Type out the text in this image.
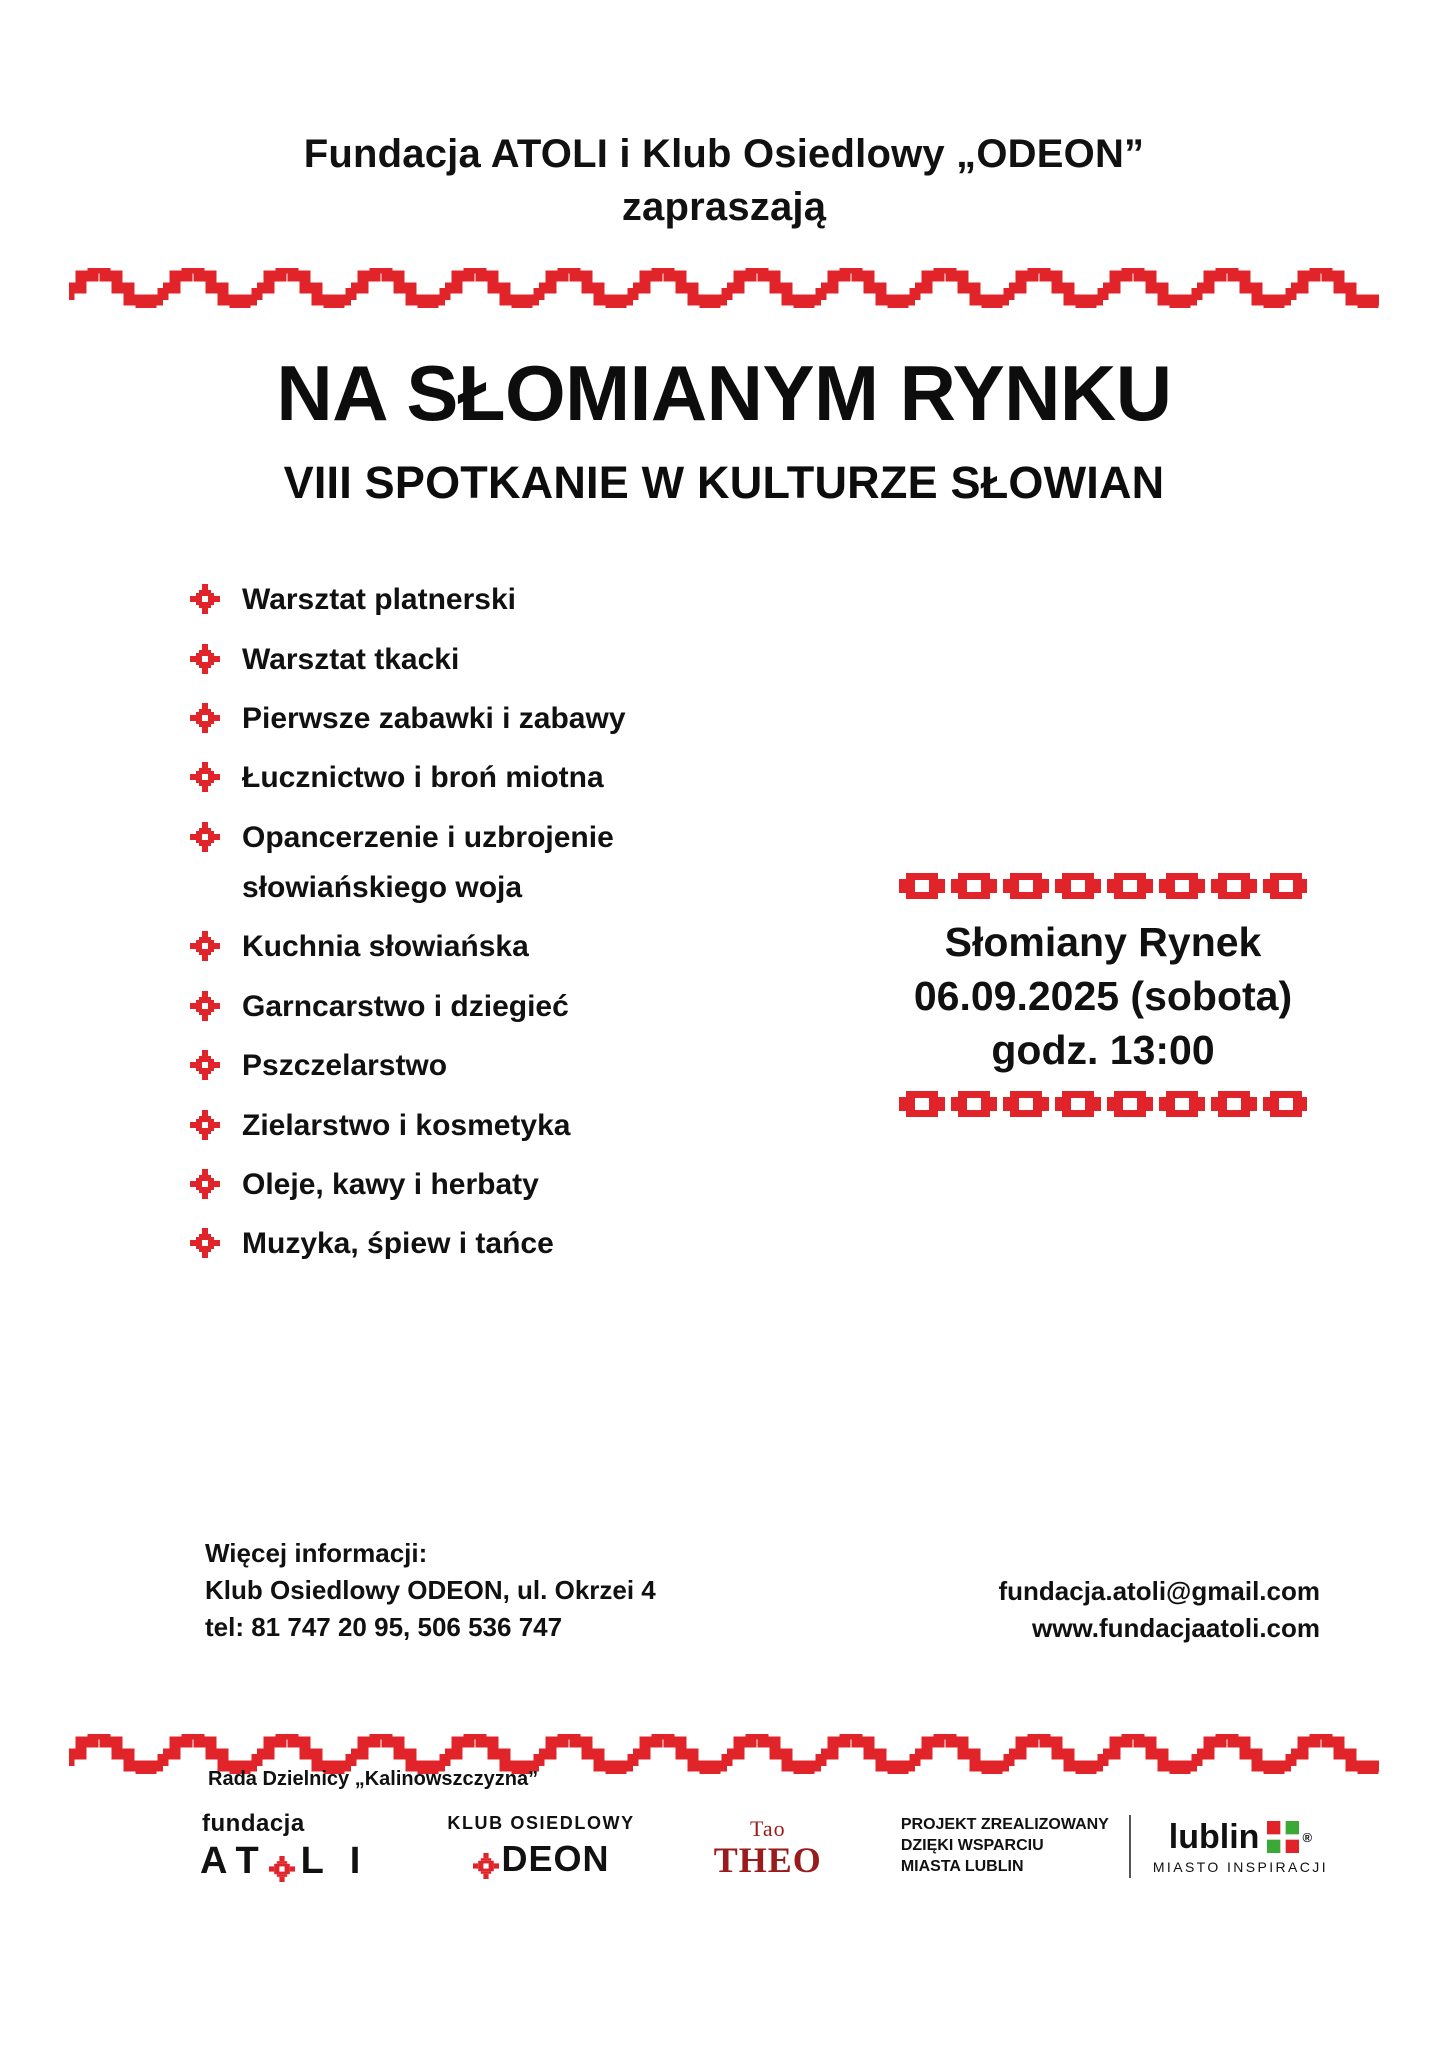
Fundacja ATOLI i Klub Osiedlowy „ODEON”
zapraszają
NA SŁOMIANYM RYNKU
VIII SPOTKANIE W KULTURZE SŁOWIAN
Warsztat platnerski
Warsztat tkacki
Pierwsze zabawki i zabawy
Łucznictwo i broń miotna
Opancerzenie i uzbrojenie
słowiańskiego woja
Kuchnia słowiańska
Garncarstwo i dziegieć
Pszczelarstwo
Zielarstwo i kosmetyka
Oleje, kawy i herbaty
Muzyka, śpiew i tańce
Słomiany Rynek
06.09.2025 (sobota)
godz. 13:00
Więcej informacji:
Klub Osiedlowy ODEON, ul. Okrzei 4
tel: 81 747 20 95, 506 536 747
fundacja.atoli@gmail.com
www.fundacjaatoli.com
Rada Dzielnicy „Kalinowszczyzna”
fundacja
A T L I
KLUB OSIEDLOWY
DEON
Tao
THEO
PROJEKT ZREALIZOWANY
DZIĘKI WSPARCIU
MIASTA LUBLIN
lublin	®
MIASTO INSPIRACJI
